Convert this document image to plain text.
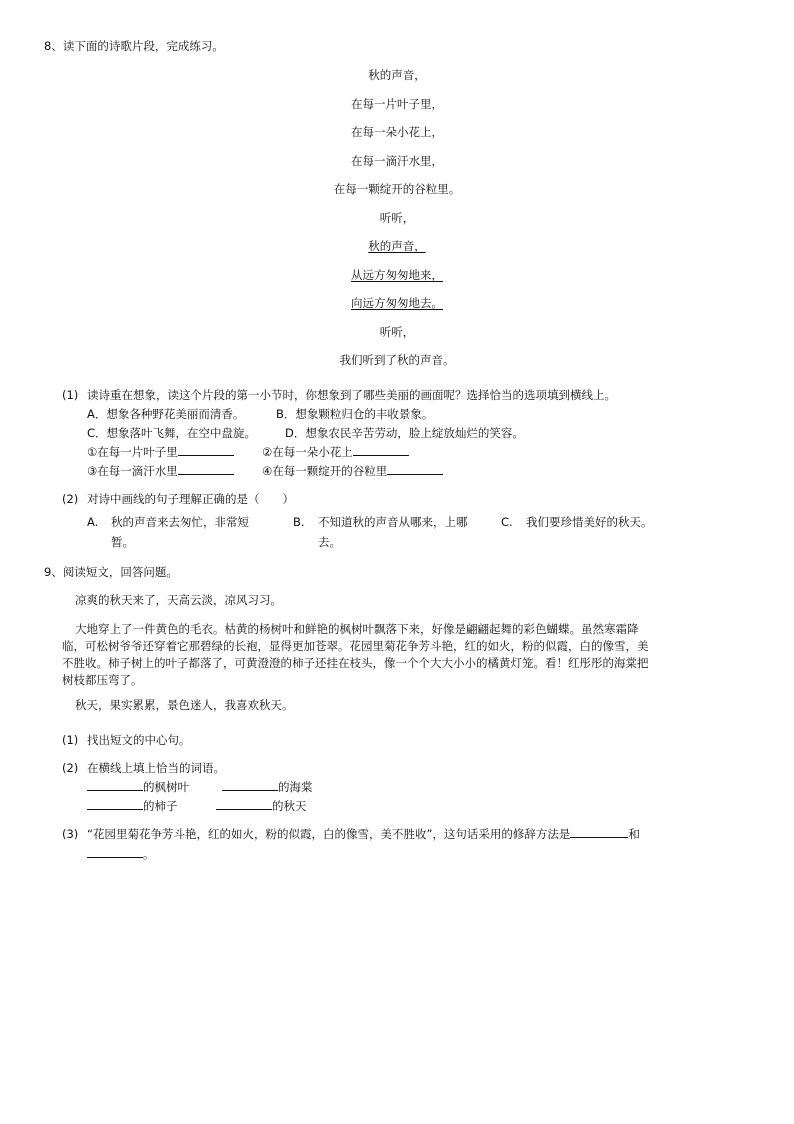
8、读下面的诗歌片段，完成练习。
秋的声音，
在每一片叶子里，
在每一朵小花上，
在每一滴汗水里，
在每一颗绽开的谷粒里。
听听，
秋的声音，
从远方匆匆地来，
向远方匆匆地去。
听听，
我们听到了秋的声音。
(1) 读诗重在想象，读这个片段的第一小节时，你想象到了哪些美丽的画面呢？选择恰当的选项填到横线上。
A．想象各种野花美丽而清香。	B．想象颗粒归仓的丰收景象。
C．想象落叶飞舞，在空中盘旋。	D．想象农民辛苦劳动，脸上绽放灿烂的笑容。
①在每一片叶子里	②在每一朵小花上
③在每一滴汗水里	④在每一颗绽开的谷粒里
(2) 对诗中画线的句子理解正确的是（　　）
A. 秋的声音来去匆忙，非常短
暂。
B. 不知道秋的声音从哪来，上哪
去。
C. 我们要珍惜美好的秋天。
9、阅读短文，回答问题。
凉爽的秋天来了，天高云淡，凉风习习。
大地穿上了一件黄色的毛衣。枯黄的杨树叶和鲜艳的枫树叶飘落下来，好像是翩翩起舞的彩色蝴蝶。虽然寒霜降
临，可松树爷爷还穿着它那碧绿的长袍，显得更加苍翠。花园里菊花争芳斗艳，红的如火，粉的似霞，白的像雪，美
不胜收。柿子树上的叶子都落了，可黄澄澄的柿子还挂在枝头，像一个个大大小小的橘黄灯笼。看！红彤彤的海棠把
树枝都压弯了。
秋天，果实累累，景色迷人，我喜欢秋天。
(1) 找出短文的中心句。
(2) 在横线上填上恰当的词语。
的枫树叶	的海棠
的柿子	的秋天
(3) “花园里菊花争芳斗艳，红的如火，粉的似霞，白的像雪，美不胜收”，这句话采用的修辞方法是	和
。
